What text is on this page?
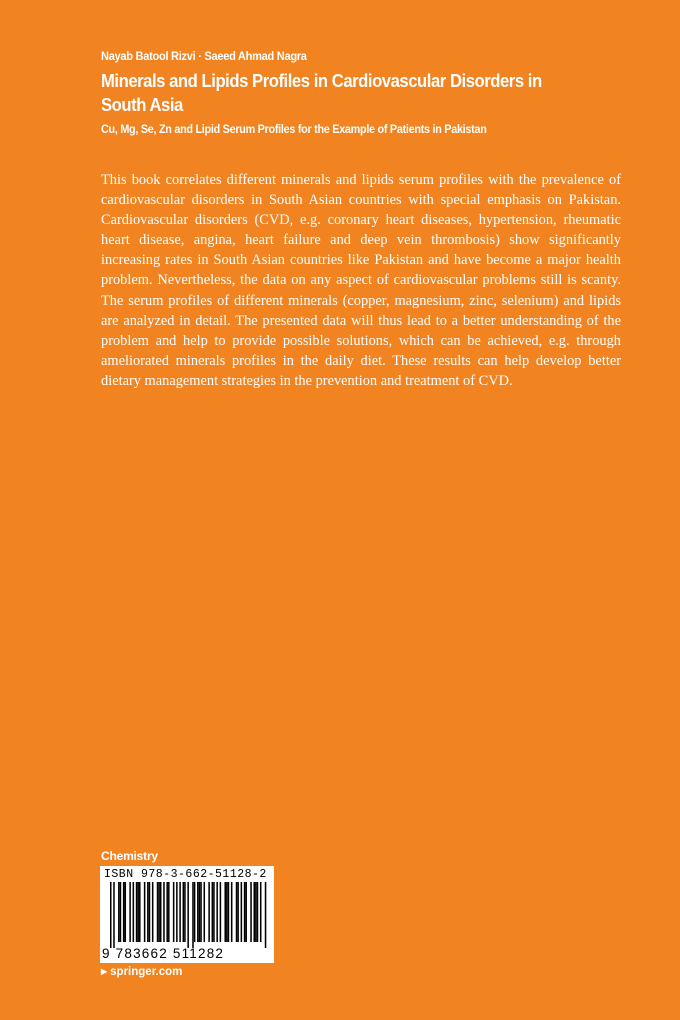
Nayab Batool Rizvi · Saeed Ahmad Nagra
Minerals and Lipids Profiles in Cardiovascular Disorders in South Asia
Cu, Mg, Se, Zn and Lipid Serum Profiles for the Example of Patients in Pakistan

This book correlates different minerals and lipids serum profiles with the prevalence of cardiovascular disorders in South Asian countries with special emphasis on Pakistan. Cardiovascular disorders (CVD, e.g. coronary heart diseases, hypertension, rheumatic heart disease, angina, heart failure and deep vein thrombosis) show significantly increasing rates in South Asian countries like Pakistan and have become a major health problem. Nevertheless, the data on any aspect of cardiovascular problems still is scanty. The serum profiles of different minerals (copper, magnesium, zinc, selenium) and lipids are analyzed in detail. The presented data will thus lead to a better understanding of the problem and help to provide possible solutions, which can be achieved, e.g. through ameliorated minerals profiles in the daily diet. These results can help develop better dietary management strategies in the prevention and treatment of CVD.

Chemistry
ISBN 978-3-662-51128-2
9 783662 511282
▶ springer.com
